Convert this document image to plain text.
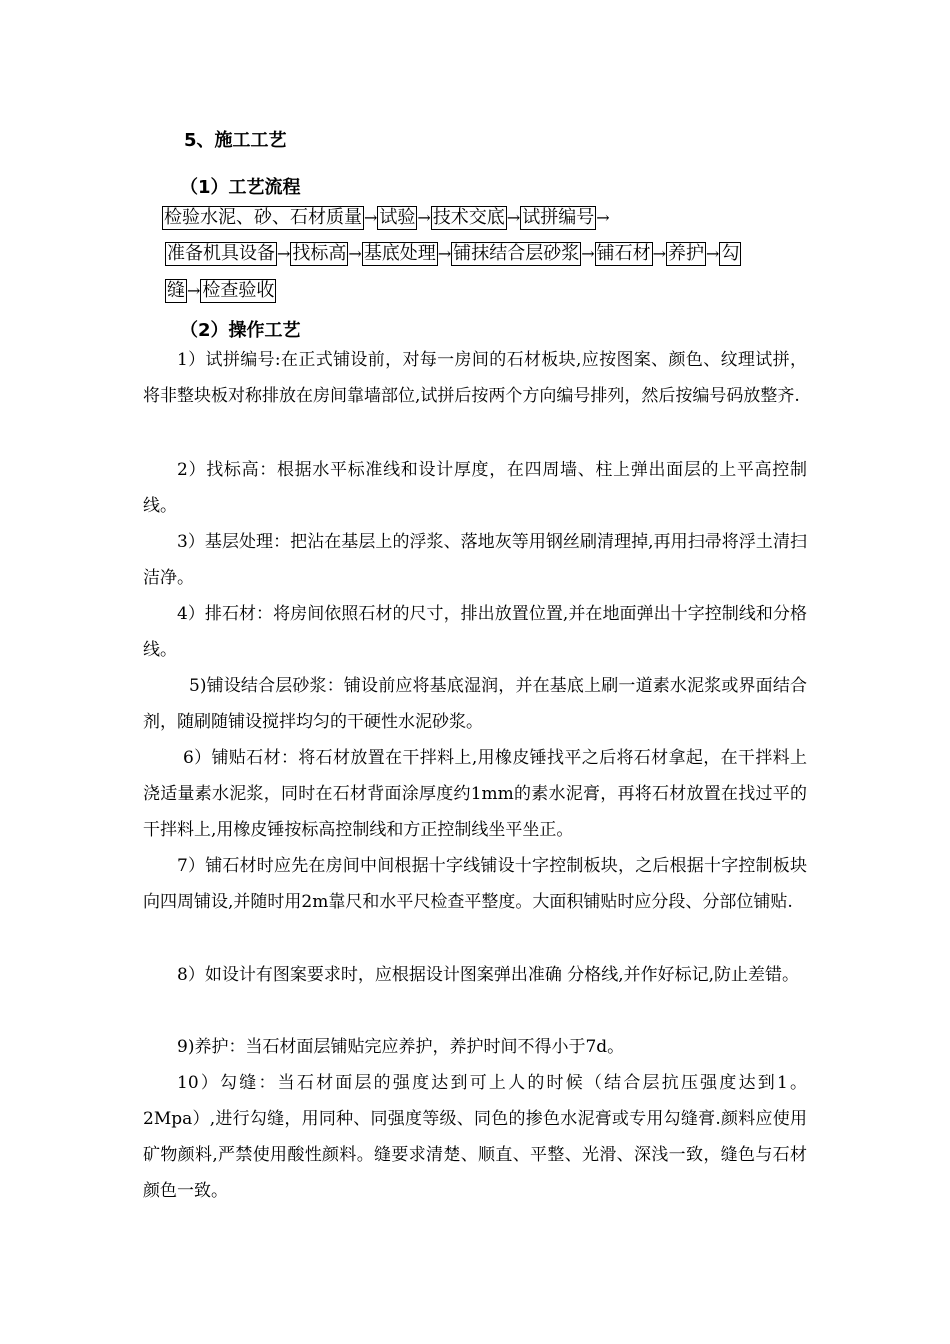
5、施工工艺
（1）工艺流程
检验水泥、砂、石材质量 → 试验 → 技术交底 → 试拼编号 →
准备机具设备 → 找标高 → 基底处理 → 铺抹结合层砂浆 → 铺石材 → 养护 → 勾
缝 → 检查验收
（2）操作工艺

1）试拼编号:在正式铺设前，对每一房间的石材板块,应按图案、颜色、纹理试拼，将非整块板对称排放在房间靠墙部位,试拼后按两个方向编号排列，然后按编号码放整齐.

2）找标高：根据水平标准线和设计厚度，在四周墙、柱上弹出面层的上平高控制线。

3）基层处理：把沾在基层上的浮浆、落地灰等用钢丝刷清理掉,再用扫帚将浮土清扫洁净。

4）排石材：将房间依照石材的尺寸，排出放置位置,并在地面弹出十字控制线和分格线。

5)铺设结合层砂浆：铺设前应将基底湿润，并在基底上刷一道素水泥浆或界面结合剂，随刷随铺设搅拌均匀的干硬性水泥砂浆。

6）铺贴石材：将石材放置在干拌料上,用橡皮锤找平之后将石材拿起，在干拌料上浇适量素水泥浆，同时在石材背面涂厚度约1mm的素水泥膏，再将石材放置在找过平的干拌料上,用橡皮锤按标高控制线和方正控制线坐平坐正。

7）铺石材时应先在房间中间根据十字线铺设十字控制板块，之后根据十字控制板块向四周铺设,并随时用2m靠尺和水平尺检查平整度。大面积铺贴时应分段、分部位铺贴.

8）如设计有图案要求时，应根据设计图案弹出准确 分格线,并作好标记,防止差错。

9)养护：当石材面层铺贴完应养护，养护时间不得小于7d。

10）勾缝：当石材面层的强度达到可上人的时候（结合层抗压强度达到1。2Mpa）,进行勾缝，用同种、同强度等级、同色的掺色水泥膏或专用勾缝膏.颜料应使用矿物颜料,严禁使用酸性颜料。缝要求清楚、顺直、平整、光滑、深浅一致，缝色与石材颜色一致。
